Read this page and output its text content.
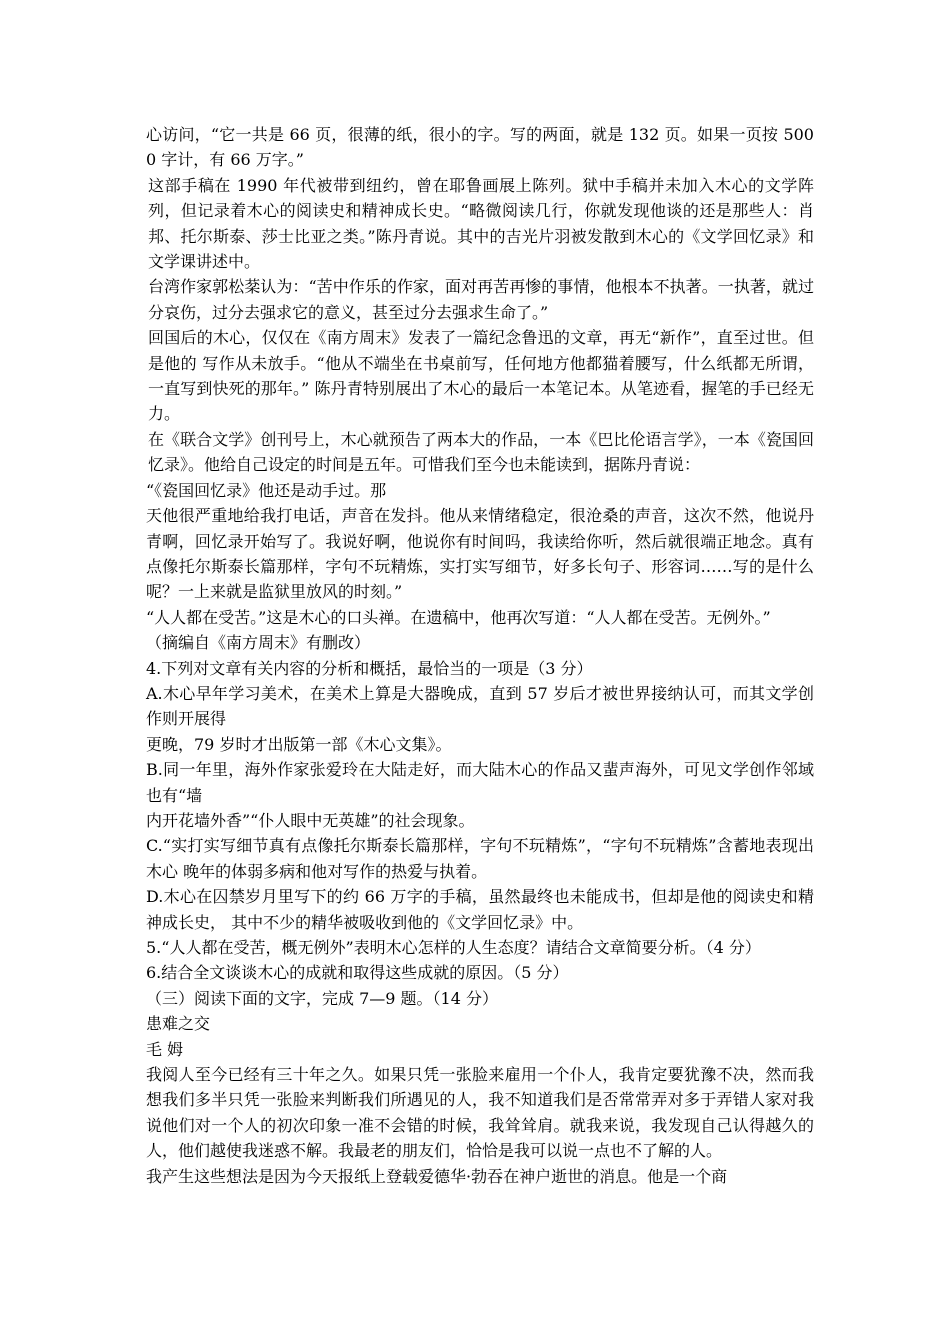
心访问，“它一共是 66 页，很薄的纸，很小的字。写的两面，就是 132 页。如果一页按 5000 字计，有 66 万字。”

这部手稿在 1990 年代被带到纽约，曾在耶鲁画展上陈列。狱中手稿并未加入木心的文学阵列，但记录着木心的阅读史和精神成长史。“略微阅读几行，你就发现他谈的还是那些人：肖邦、托尔斯泰、莎士比亚之类。”陈丹青说。其中的吉光片羽被发散到木心的《文学回忆录》和文学课讲述中。

台湾作家郭松棻认为：“苦中作乐的作家，面对再苦再惨的事情，他根本不执著。一执著，就过分哀伤，过分去强求它的意义，甚至过分去强求生命了。”

回国后的木心，仅仅在《南方周末》发表了一篇纪念鲁迅的文章，再无“新作”，直至过世。但是他的 写作从未放手。“他从不端坐在书桌前写，任何地方他都猫着腰写，什么纸都无所谓，一直写到快死的那年。” 陈丹青特别展出了木心的最后一本笔记本。从笔迹看，握笔的手已经无力。

在《联合文学》创刊号上，木心就预告了两本大的作品，一本《巴比伦语言学》，一本《瓷国回忆录》。他给自己设定的时间是五年。可惜我们至今也未能读到，据陈丹青说：

“《瓷国回忆录》他还是动手过。那

天他很严重地给我打电话，声音在发抖。他从来情绪稳定，很沧桑的声音，这次不然，他说丹青啊，回忆录开始写了。我说好啊，他说你有时间吗，我读给你听，然后就很端正地念。真有点像托尔斯泰长篇那样，字句不玩精炼，实打实写细节，好多长句子、形容词……写的是什么呢？一上来就是监狱里放风的时刻。”

“人人都在受苦。”这是木心的口头禅。在遗稿中，他再次写道：“人人都在受苦。无例外。”

（摘编自《南方周末》有删改）

4.下列对文章有关内容的分析和概括，最恰当的一项是（3 分）

A.木心早年学习美术，在美术上算是大器晚成，直到 57 岁后才被世界接纳认可，而其文学创作则开展得

更晚，79 岁时才出版第一部《木心文集》。

B.同一年里，海外作家张爱玲在大陆走好，而大陆木心的作品又蜚声海外，可见文学创作邻域也有“墙

内开花墙外香”“仆人眼中无英雄”的社会现象。

C.“实打实写细节真有点像托尔斯泰长篇那样，字句不玩精炼”，“字句不玩精炼”含蓄地表现出木心 晚年的体弱多病和他对写作的热爱与执着。

D.木心在囚禁岁月里写下的约 66 万字的手稿，虽然最终也未能成书，但却是他的阅读史和精神成长史， 其中不少的精华被吸收到他的《文学回忆录》中。

5.“人人都在受苦，概无例外”表明木心怎样的人生态度？请结合文章简要分析。（4 分）

6.结合全文谈谈木心的成就和取得这些成就的原因。（5 分）

（三）阅读下面的文字，完成 7—9 题。（14 分）

患难之交

毛 姆

我阅人至今已经有三十年之久。如果只凭一张脸来雇用一个仆人，我肯定要犹豫不决，然而我想我们多半只凭一张脸来判断我们所遇见的人，我不知道我们是否常常弄对多于弄错人家对我说他们对一个人的初次印象一准不会错的时候，我耸耸肩。就我来说，我发现自己认得越久的人，他们越使我迷惑不解。我最老的朋友们，恰恰是我可以说一点也不了解的人。

我产生这些想法是因为今天报纸上登载爱德华·勃吞在神户逝世的消息。他是一个商
